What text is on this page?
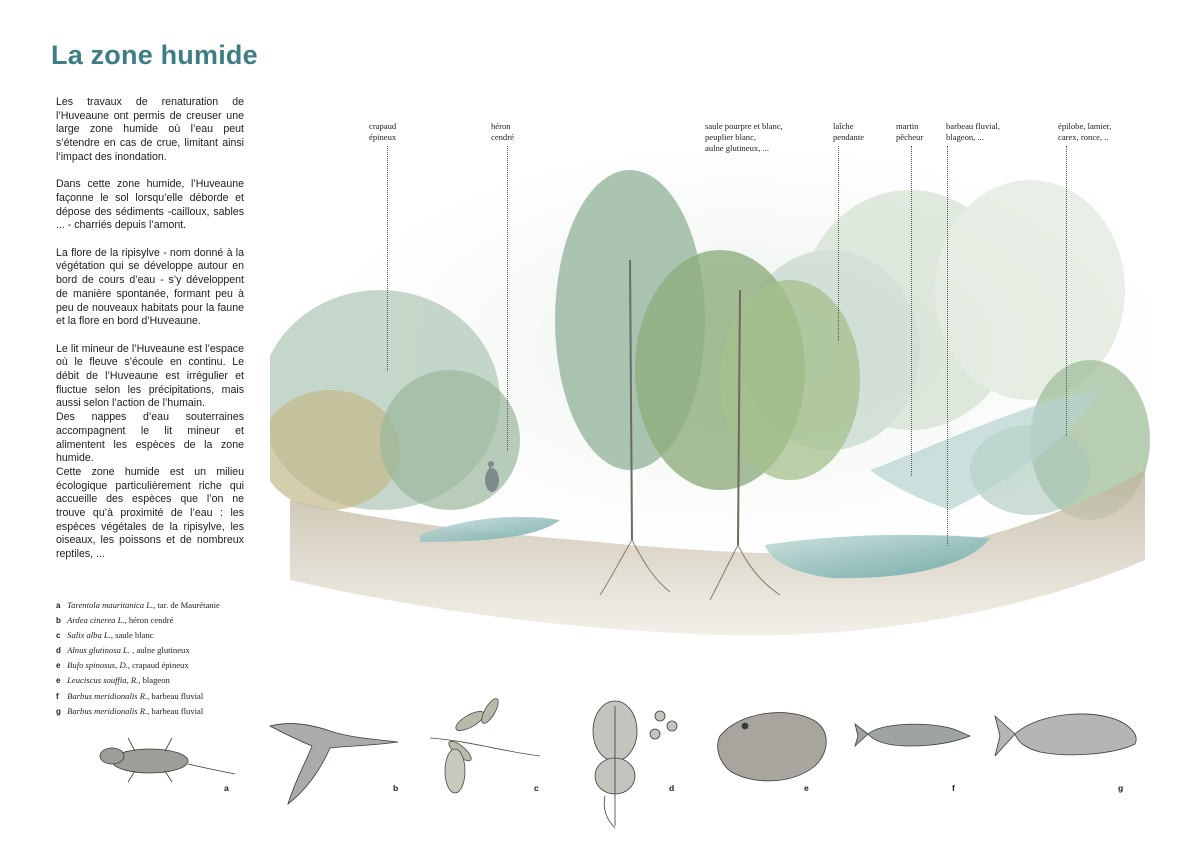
La zone humide

Les travaux de renaturation de l’Huveaune ont permis de creuser une large zone humide où l’eau peut s’étendre en cas de crue, limitant ainsi l’impact des inondation.

Dans cette zone humide, l’Huveaune façonne le sol lorsqu’elle déborde et dépose des sédiments -cailloux, sables ... - charriés depuis l’amont.

La flore de la ripisylve - nom donné à la végétation qui se développe autour en bord de cours d’eau - s’y développent de manière spontanée, formant peu à peu de nouveaux habitats pour la faune et la flore en bord d’Huveaune.

Le lit mineur de l’Huveaune est l’espace où le fleuve s’écoule en continu. Le débit de l’Huveaune est irrégulier et fluctue selon les précipitations, mais aussi selon l’action de l’humain.

Des nappes d’eau souterraines accompagnent le lit mineur et alimentent les espèces de la zone humide.

Cette zone humide est un milieu écologique particulièrement riche qui accueille des espèces que l’on ne trouve qu’à proximité de l’eau : les espèces végétales de la ripisylve, les oiseaux, les poissons et de nombreux reptiles, ...

a Tarentola mauritanica L., tar. de Maurétanie
b Ardea cinerea L., héron cendré
c Salix alba L., saule blanc
d Alnus glutinosa L. , aulne glutineux
e Bufo spinosus, D., crapaud épineux
e Leuciscus souffia, R., blageon
f Barbus meridionalis R., barbeau fluvial
g Barbus meridionalis R., barbeau fluvial
crapaud
épineux
héron
cendré
saule pourpre et blanc,
peuplier blanc,
aulne glutineux, ...
laîche
pendante
martin
pêcheur
barbeau fluvial,
blageon, ...
épilobe, lamier,
carex, ronce, ..
a	b	c	d	e	f	g
